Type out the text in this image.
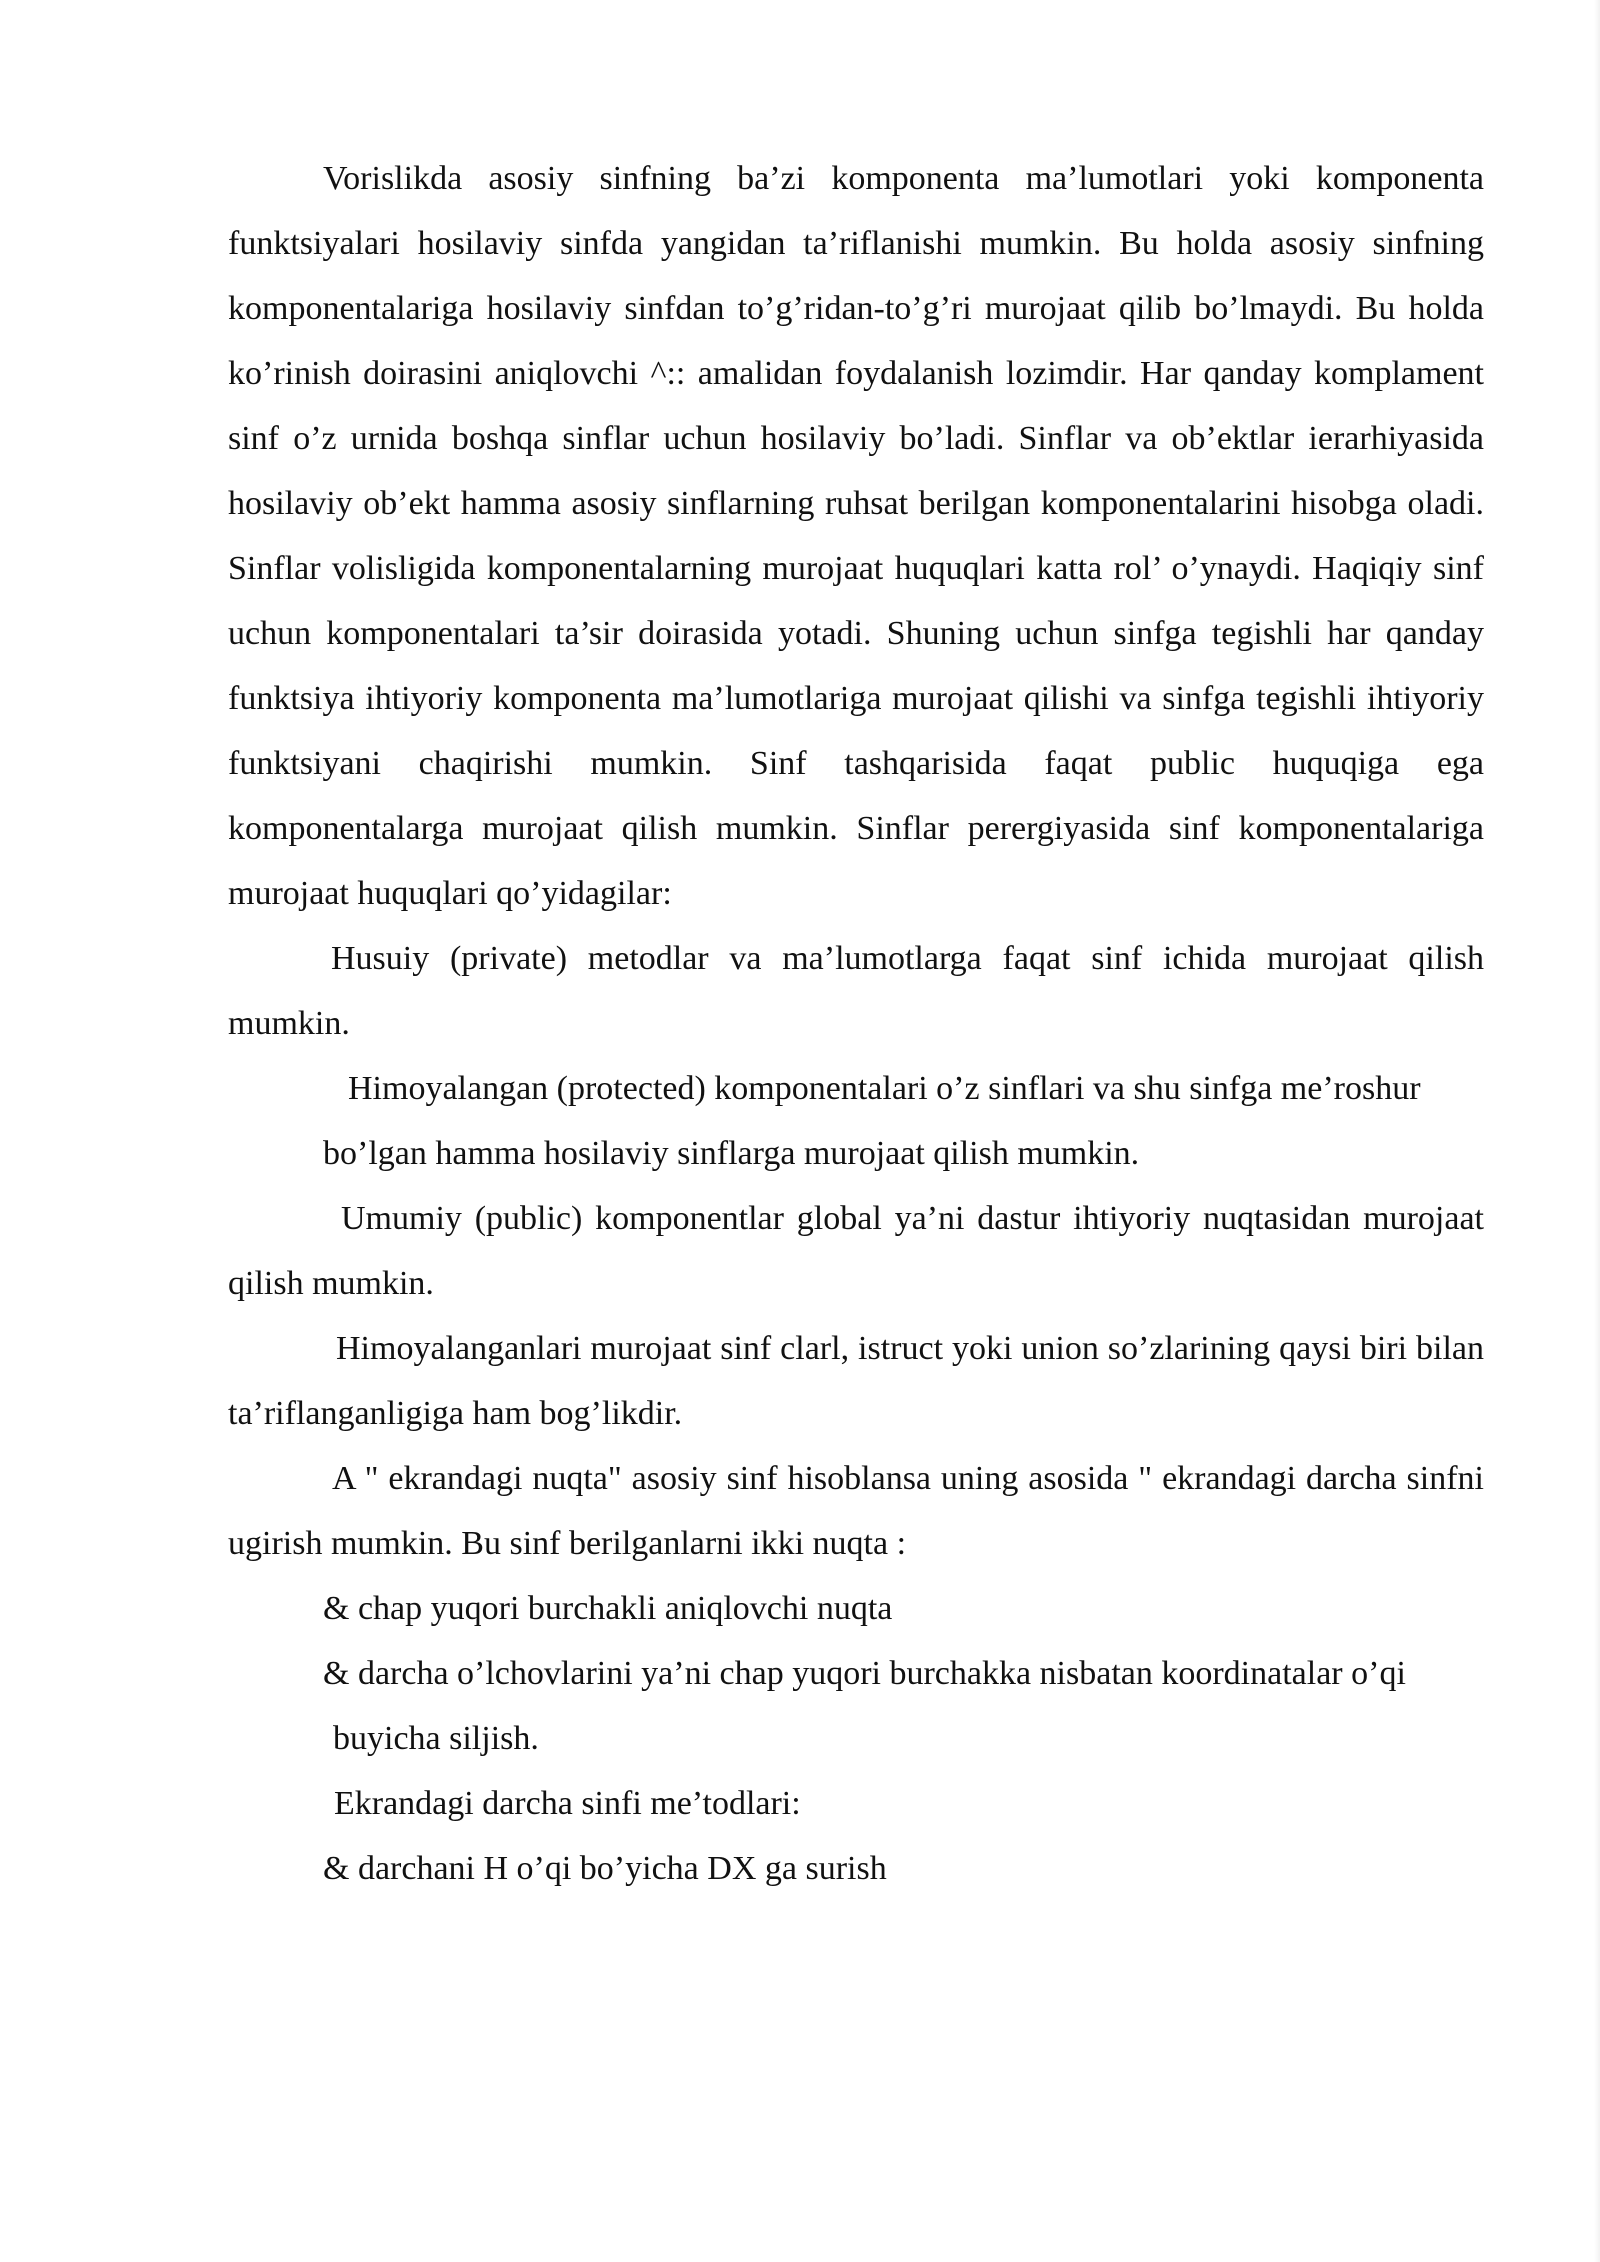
Vorislikda asosiy sinfning ba’zi komponenta ma’lumotlari yoki komponenta funktsiyalari hosilaviy sinfda yangidan ta’riflanishi mumkin. Bu holda asosiy sinfning komponentalariga hosilaviy sinfdan to’g’ridan-to’g’ri murojaat qilib bo’lmaydi. Bu holda ko’rinish doirasini aniqlovchi ^:: amalidan foydalanish lozimdir. Har qanday komplament sinf o’z urnida boshqa sinflar uchun hosilaviy bo’ladi. Sinflar va ob’ektlar ierarhiyasida hosilaviy ob’ekt hamma asosiy sinflarning ruhsat berilgan komponentalarini hisobga oladi. Sinflar volisligida komponentalarning murojaat huquqlari katta rol’ o’ynaydi. Haqiqiy sinf uchun komponentalari ta’sir doirasida yotadi. Shuning uchun sinfga tegishli har qanday funktsiya ihtiyoriy komponenta ma’lumotlariga murojaat qilishi va sinfga tegishli ihtiyoriy funktsiyani chaqirishi mumkin. Sinf tashqarisida faqat public huquqiga ega komponentalarga murojaat qilish mumkin. Sinflar perergiyasida sinf komponentalariga murojaat huquqlari qo’yidagilar:

Husuiy (private) metodlar va ma’lumotlarga faqat sinf ichida murojaat qilish mumkin.

Himoyalangan (protected) komponentalari o’z sinflari va shu sinfga me’roshur

bo’lgan hamma hosilaviy sinflarga murojaat qilish mumkin.

Umumiy (public) komponentlar global ya’ni dastur ihtiyoriy nuqtasidan murojaat qilish mumkin.

Himoyalanganlari murojaat sinf clarl, istruct yoki union so’zlarining qaysi biri bilan ta’riflanganligiga ham bog’likdir.

A " ekrandagi nuqta" asosiy sinf hisoblansa uning asosida " ekrandagi darcha sinfni ugirish mumkin. Bu sinf berilganlarni ikki nuqta :

& chap yuqori burchakli aniqlovchi nuqta

& darcha o’lchovlarini ya’ni chap yuqori burchakka nisbatan koordinatalar o’qi

buyicha siljish.

Ekrandagi darcha sinfi me’todlari:

& darchani H o’qi bo’yicha DX ga surish
